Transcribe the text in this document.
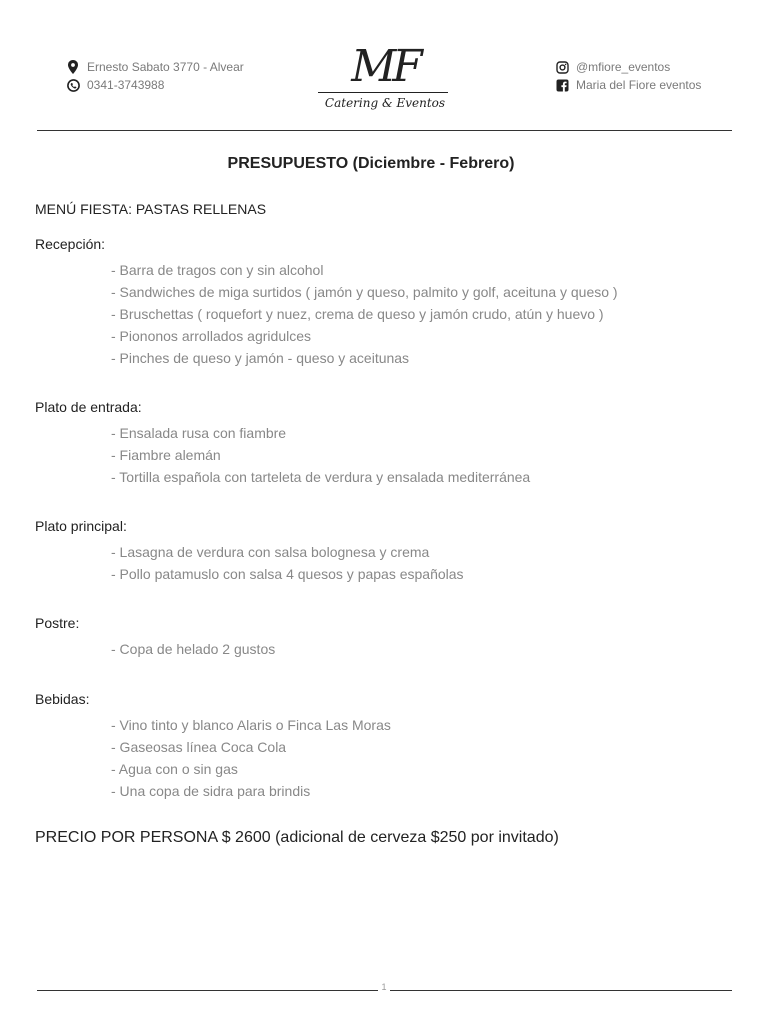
Ernesto Sabato 3770 - Alvear
0341-3743988	MF
Catering & Eventos
@mfiore_eventos
Maria del Fiore eventos
PRESUPUESTO (Diciembre - Febrero)
MENÚ FIESTA: PASTAS RELLENAS
Recepción:
- Barra de tragos con y sin alcohol
- Sandwiches de miga surtidos ( jamón y queso, palmito y golf, aceituna y queso )
- Bruschettas ( roquefort y nuez, crema de queso y jamón crudo, atún y huevo )
- Piononos arrollados agridulces
- Pinches de queso y jamón - queso y aceitunas
Plato de entrada:
- Ensalada rusa con fiambre
- Fiambre alemán
- Tortilla española con tarteleta de verdura y ensalada mediterránea
Plato principal:
- Lasagna de verdura con salsa bolognesa y crema
- Pollo patamuslo con salsa 4 quesos y papas españolas
Postre:
- Copa de helado 2 gustos
Bebidas:
- Vino tinto y blanco Alaris o Finca Las Moras
- Gaseosas línea Coca Cola
- Agua con o sin gas
- Una copa de sidra para brindis
PRECIO POR PERSONA $ 2600 (adicional de cerveza $250 por invitado)
1
